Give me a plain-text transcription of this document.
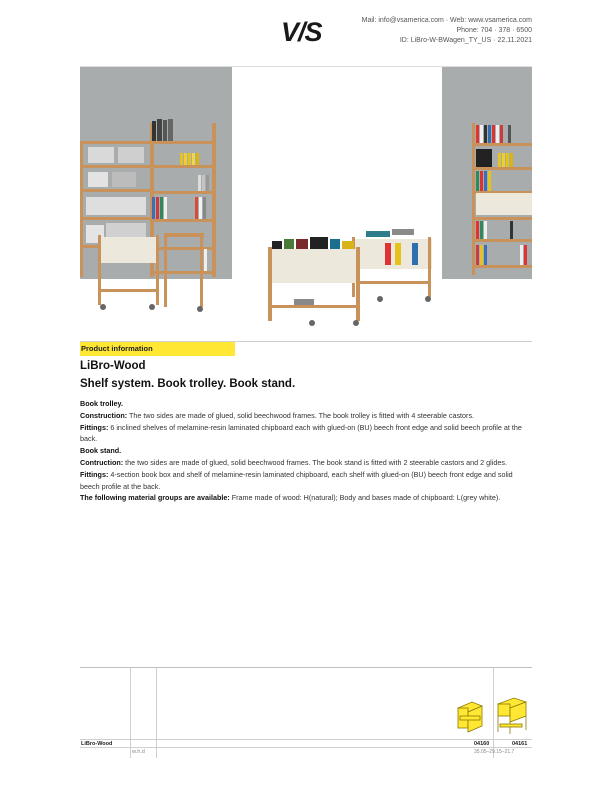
V/S	Mail: info@vsamerica.com · Web: www.vsamerica.com
Phone: 704 · 378 · 6500
ID: LiBro-W-BWagen_TY_US · 22.11.2021
Product information
LiBro-Wood
Shelf system. Book trolley. Book stand.

Book trolley.

Construction: The two sides are made of glued, solid beechwood frames. The book trolley is fitted with 4 steerable castors.

Fittings: 6 inclined shelves of melamine-resin laminated chipboard each with glued-on (BU) beech front edge and solid beech profile at the back.

Book stand.

Contruction: the two sides are made of glued, solid beechwood frames. The book stand is fitted with 2 steerable castors and 2 glides.

Fittings: 4-section book box and shelf of melamine-resin laminated chipboard, each shelf with glued-on (BU) beech front edge and solid beech profile at the back.

The following material groups are available: Frame made of wood: H(natural); Body and bases made of chipboard: L(grey white).

LiBro-Wood
w.h.d
04160	04161
35.05–29.15–21.7
